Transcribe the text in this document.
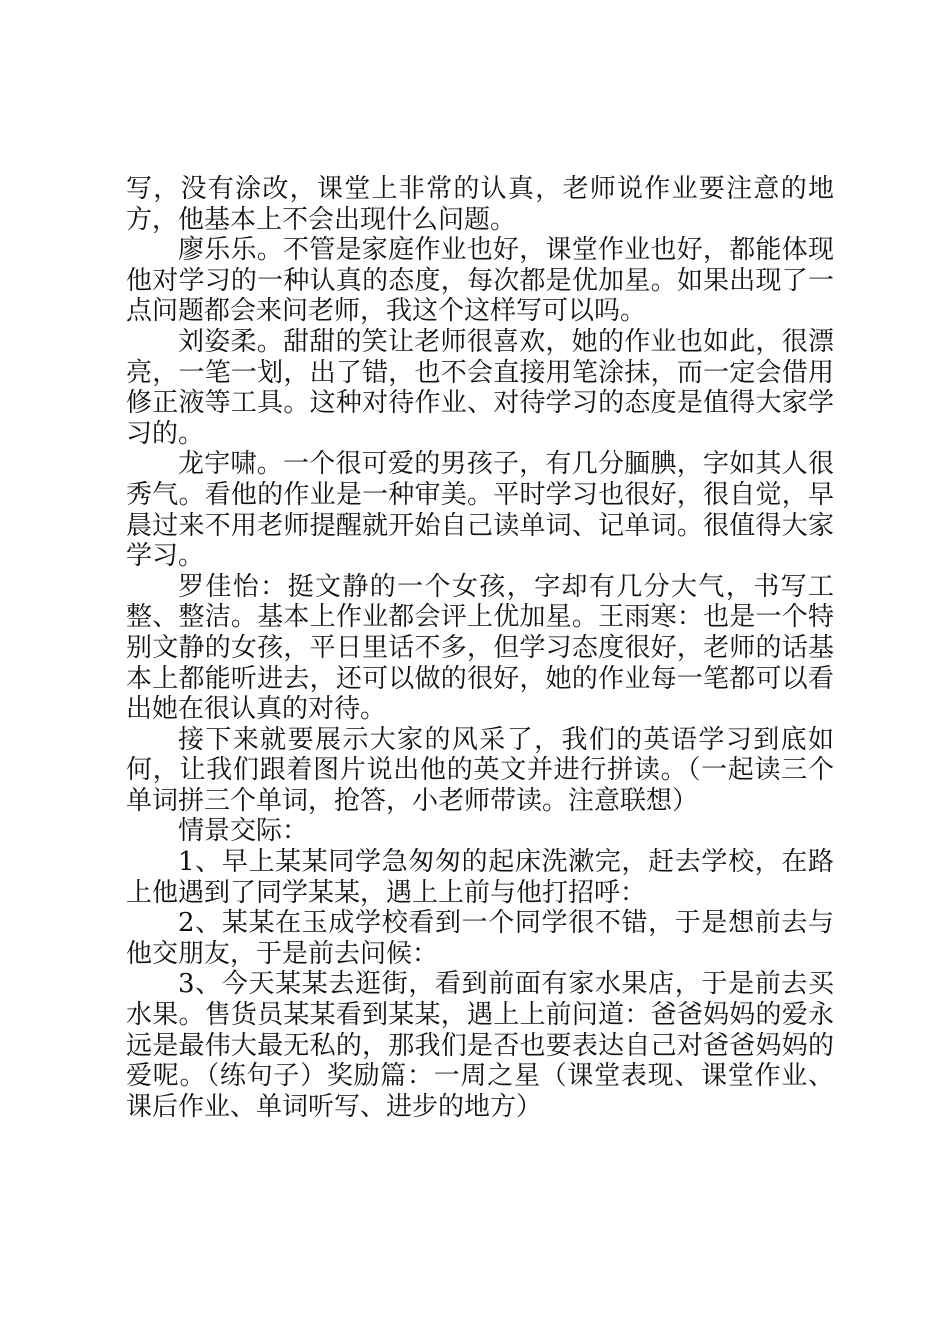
写，没有涂改，课堂上非常的认真，老师说作业要注意的地方，他基本上不会出现什么问题。

廖乐乐。不管是家庭作业也好，课堂作业也好，都能体现他对学习的一种认真的态度，每次都是优加星。如果出现了一点问题都会来问老师，我这个这样写可以吗。

刘姿柔。甜甜的笑让老师很喜欢，她的作业也如此，很漂亮，一笔一划，出了错，也不会直接用笔涂抹，而一定会借用修正液等工具。这种对待作业、对待学习的态度是值得大家学习的。

龙宇啸。一个很可爱的男孩子，有几分腼腆，字如其人很秀气。看他的作业是一种审美。平时学习也很好，很自觉，早晨过来不用老师提醒就开始自己读单词、记单词。很值得大家学习。

罗佳怡：挺文静的一个女孩，字却有几分大气，书写工整、整洁。基本上作业都会评上优加星。王雨寒：也是一个特别文静的女孩，平日里话不多，但学习态度很好，老师的话基本上都能听进去，还可以做的很好，她的作业每一笔都可以看出她在很认真的对待。

接下来就要展示大家的风采了，我们的英语学习到底如何，让我们跟着图片说出他的英文并进行拼读。（一起读三个单词拼三个单词，抢答，小老师带读。注意联想）

情景交际：

1、早上某某同学急匆匆的起床洗漱完，赶去学校，在路上他遇到了同学某某，遇上上前与他打招呼：

2、某某在玉成学校看到一个同学很不错，于是想前去与他交朋友，于是前去问候：

3、今天某某去逛街，看到前面有家水果店，于是前去买水果。售货员某某看到某某，遇上上前问道：爸爸妈妈的爱永远是最伟大最无私的，那我们是否也要表达自己对爸爸妈妈的爱呢。（练句子）奖励篇：一周之星（课堂表现、课堂作业、课后作业、单词听写、进步的地方）
